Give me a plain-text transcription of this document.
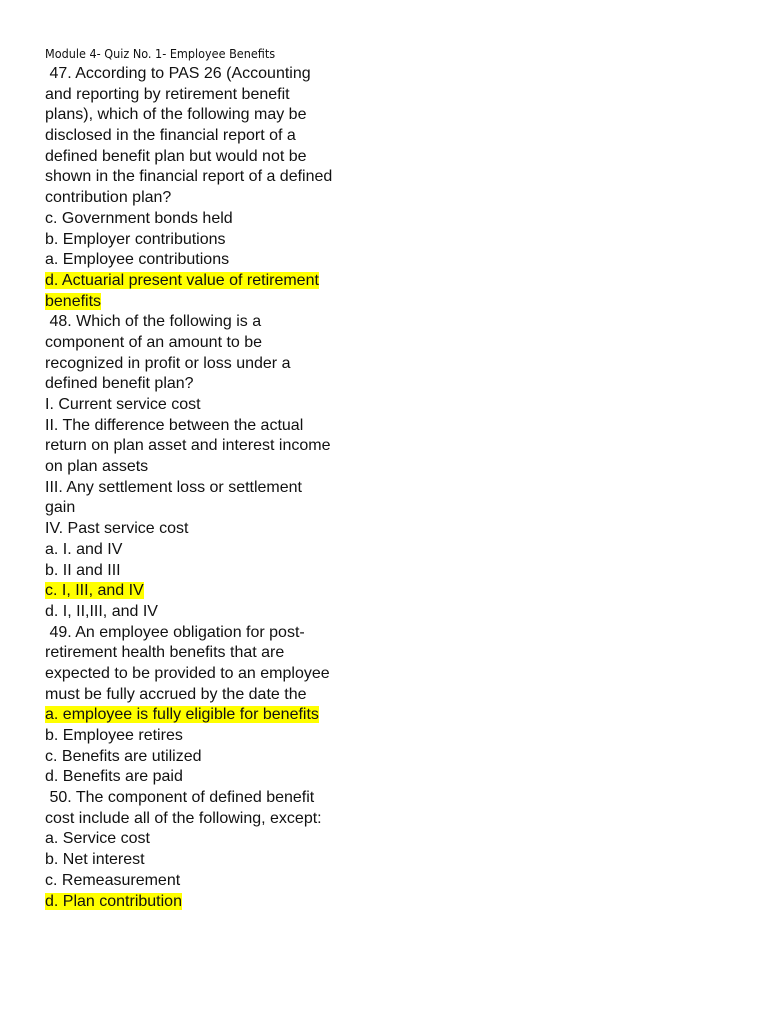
Module 4- Quiz No. 1- Employee Benefits
47. According to PAS 26 (Accounting
and reporting by retirement benefit
plans), which of the following may be
disclosed in the financial report of a
defined benefit plan but would not be
shown in the financial report of a defined
contribution plan?
c. Government bonds held
b. Employer contributions
a. Employee contributions
d. Actuarial present value of retirement
benefits
48. Which of the following is a
component of an amount to be
recognized in profit or loss under a
defined benefit plan?
I. Current service cost
II. The difference between the actual
return on plan asset and interest income
on plan assets
III. Any settlement loss or settlement
gain
IV. Past service cost
a. I. and IV
b. II and III
c. I, III, and IV
d. I, II,III, and IV
49. An employee obligation for post-
retirement health benefits that are
expected to be provided to an employee
must be fully accrued by the date the
a. employee is fully eligible for benefits
b. Employee retires
c. Benefits are utilized
d. Benefits are paid
50. The component of defined benefit
cost include all of the following, except:
a. Service cost
b. Net interest
c. Remeasurement
d. Plan contribution
